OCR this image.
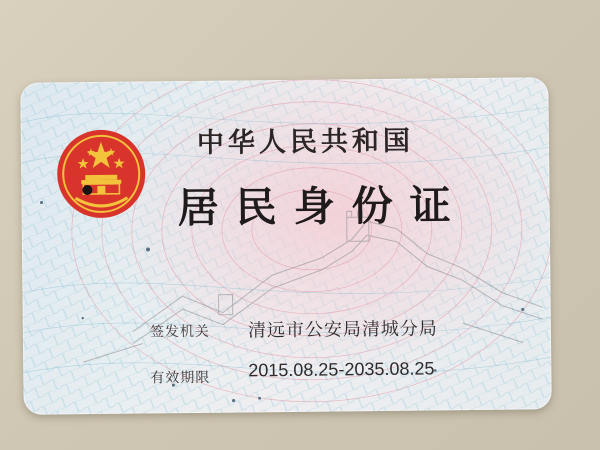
中华人民共和国
居民身份证
签发机关 清远市公安局清城分局
有效期限 2015.08.25-2035.08.25
